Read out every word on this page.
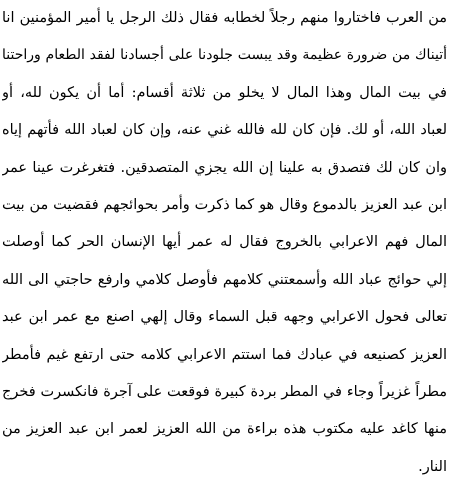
من العرب فاختاروا منهم رجلاً لخطابه فقال ذلك الرجل يا أمير المؤمنين انا
أتيناك من ضرورة عظيمة وقد يبست جلودنا على أجسادنا لفقد الطعام وراحتنا
في بيت المال وهذا المال لا يخلو من ثلاثة أقسام: أما أن يكون لله، أو
لعباد الله، أو لك. فإن كان لله فالله غني عنه، وإن كان لعباد الله فأتهم إياه
وان كان لك فتصدق به علينا إن الله يجزي المتصدقين. فتغرغرت عينا عمر
ابن عبد العزيز بالدموع وقال هو كما ذكرت وأمر بحوائجهم فقضيت من بيت
المال فهم الاعرابي بالخروج فقال له عمر أيها الإنسان الحر كما أوصلت
إلي حوائج عباد الله وأسمعتني كلامهم فأوصل كلامي وارفع حاجتي الى الله
تعالى فحول الاعرابي وجهه قبل السماء وقال إلهي اصنع مع عمر ابن عبد
العزيز كصنيعه في عبادك فما استتم الاعرابي كلامه حتى ارتفع غيم فأمطر
مطراً غزيراً وجاء في المطر بردة كبيرة فوقعت على آجرة فانكسرت فخرج
منها كاغد عليه مكتوب هذه براءة من الله العزيز لعمر ابن عبد العزيز من
النار.
